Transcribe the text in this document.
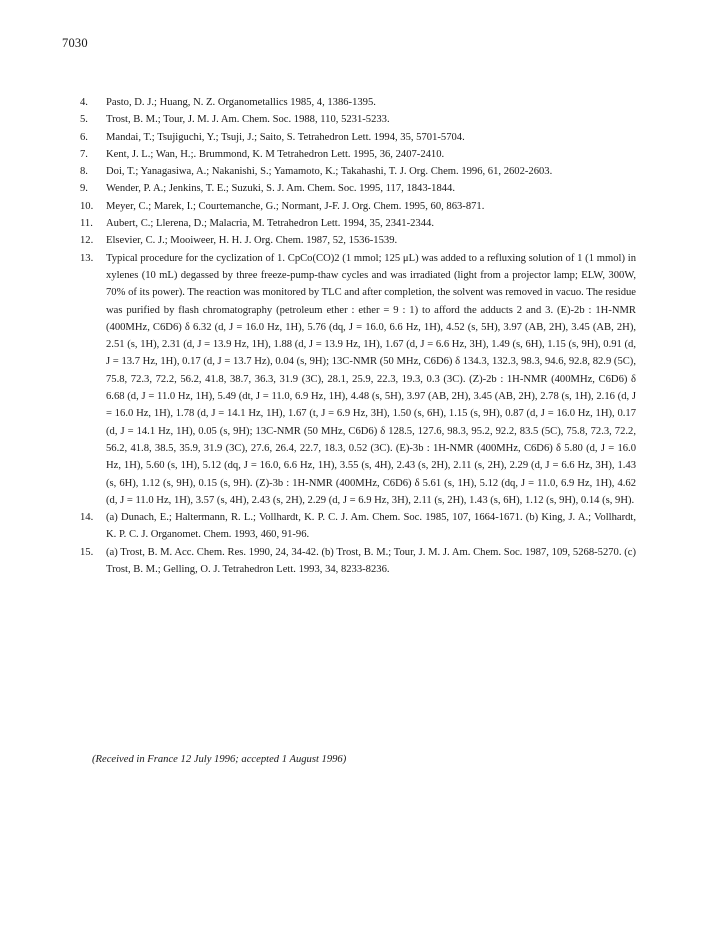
7030
4.	Pasto, D. J.; Huang, N. Z. Organometallics 1985, 4, 1386-1395.
5.	Trost, B. M.; Tour, J. M. J. Am. Chem. Soc. 1988, 110, 5231-5233.
6.	Mandai, T.; Tsujiguchi, Y.; Tsuji, J.; Saito, S. Tetrahedron Lett. 1994, 35, 5701-5704.
7.	Kent, J. L.; Wan, H.;. Brummond, K. M Tetrahedron Lett. 1995, 36, 2407-2410.
8.	Doi, T.; Yanagasiwa, A.; Nakanishi, S.; Yamamoto, K.; Takahashi, T. J. Org. Chem. 1996, 61, 2602-2603.
9.	Wender, P. A.; Jenkins, T. E.; Suzuki, S. J. Am. Chem. Soc. 1995, 117, 1843-1844.
10.	Meyer, C.; Marek, I.; Courtemanche, G.; Normant, J-F. J. Org. Chem. 1995, 60, 863-871.
11.	Aubert, C.; Llerena, D.; Malacria, M. Tetrahedron Lett. 1994, 35, 2341-2344.
12.	Elsevier, C. J.; Mooiweer, H. H. J. Org. Chem. 1987, 52, 1536-1539.
13.	Typical procedure for the cyclization of 1. CpCo(CO)2 (1 mmol; 125 μL) was added to a refluxing solution of 1 (1 mmol) in xylenes (10 mL) degassed by three freeze-pump-thaw cycles and was irradiated (light from a projector lamp; ELW, 300W, 70% of its power). The reaction was monitored by TLC and after completion, the solvent was removed in vacuo. The residue was purified by flash chromatography (petroleum ether : ether = 9 : 1) to afford the adducts 2 and 3. (E)-2b : 1H-NMR (400MHz, C6D6) δ 6.32 (d, J = 16.0 Hz, 1H), 5.76 (dq, J = 16.0, 6.6 Hz, 1H), 4.52 (s, 5H), 3.97 (AB, 2H), 3.45 (AB, 2H), 2.51 (s, 1H), 2.31 (d, J = 13.9 Hz, 1H), 1.88 (d, J = 13.9 Hz, 1H), 1.67 (d, J = 6.6 Hz, 3H), 1.49 (s, 6H), 1.15 (s, 9H), 0.91 (d, J = 13.7 Hz, 1H), 0.17 (d, J = 13.7 Hz), 0.04 (s, 9H); 13C-NMR (50 MHz, C6D6) δ 134.3, 132.3, 98.3, 94.6, 92.8, 82.9 (5C), 75.8, 72.3, 72.2, 56.2, 41.8, 38.7, 36.3, 31.9 (3C), 28.1, 25.9, 22.3, 19.3, 0.3 (3C). (Z)-2b : 1H-NMR (400MHz, C6D6) δ 6.68 (d, J = 11.0 Hz, 1H), 5.49 (dt, J = 11.0, 6.9 Hz, 1H), 4.48 (s, 5H), 3.97 (AB, 2H), 3.45 (AB, 2H), 2.78 (s, 1H), 2.16 (d, J = 16.0 Hz, 1H), 1.78 (d, J = 14.1 Hz, 1H), 1.67 (t, J = 6.9 Hz, 3H), 1.50 (s, 6H), 1.15 (s, 9H), 0.87 (d, J = 16.0 Hz, 1H), 0.17 (d, J = 14.1 Hz, 1H), 0.05 (s, 9H); 13C-NMR (50 MHz, C6D6) δ 128.5, 127.6, 98.3, 95.2, 92.2, 83.5 (5C), 75.8, 72.3, 72.2, 56.2, 41.8, 38.5, 35.9, 31.9 (3C), 27.6, 26.4, 22.7, 18.3, 0.52 (3C). (E)-3b : 1H-NMR (400MHz, C6D6) δ 5.80 (d, J = 16.0 Hz, 1H), 5.60 (s, 1H), 5.12 (dq, J = 16.0, 6.6 Hz, 1H), 3.55 (s, 4H), 2.43 (s, 2H), 2.11 (s, 2H), 2.29 (d, J = 6.6 Hz, 3H), 1.43 (s, 6H), 1.12 (s, 9H), 0.15 (s, 9H). (Z)-3b : 1H-NMR (400MHz, C6D6) δ 5.61 (s, 1H), 5.12 (dq, J = 11.0, 6.9 Hz, 1H), 4.62 (d, J = 11.0 Hz, 1H), 3.57 (s, 4H), 2.43 (s, 2H), 2.29 (d, J = 6.9 Hz, 3H), 2.11 (s, 2H), 1.43 (s, 6H), 1.12 (s, 9H), 0.14 (s, 9H).
14.	(a) Dunach, E.; Haltermann, R. L.; Vollhardt, K. P. C. J. Am. Chem. Soc. 1985, 107, 1664-1671. (b) King, J. A.; Vollhardt, K. P. C. J. Organomet. Chem. 1993, 460, 91-96.
15.	(a) Trost, B. M. Acc. Chem. Res. 1990, 24, 34-42. (b) Trost, B. M.; Tour, J. M. J. Am. Chem. Soc. 1987, 109, 5268-5270. (c) Trost, B. M.; Gelling, O. J. Tetrahedron Lett. 1993, 34, 8233-8236.
(Received in France 12 July 1996; accepted 1 August 1996)
